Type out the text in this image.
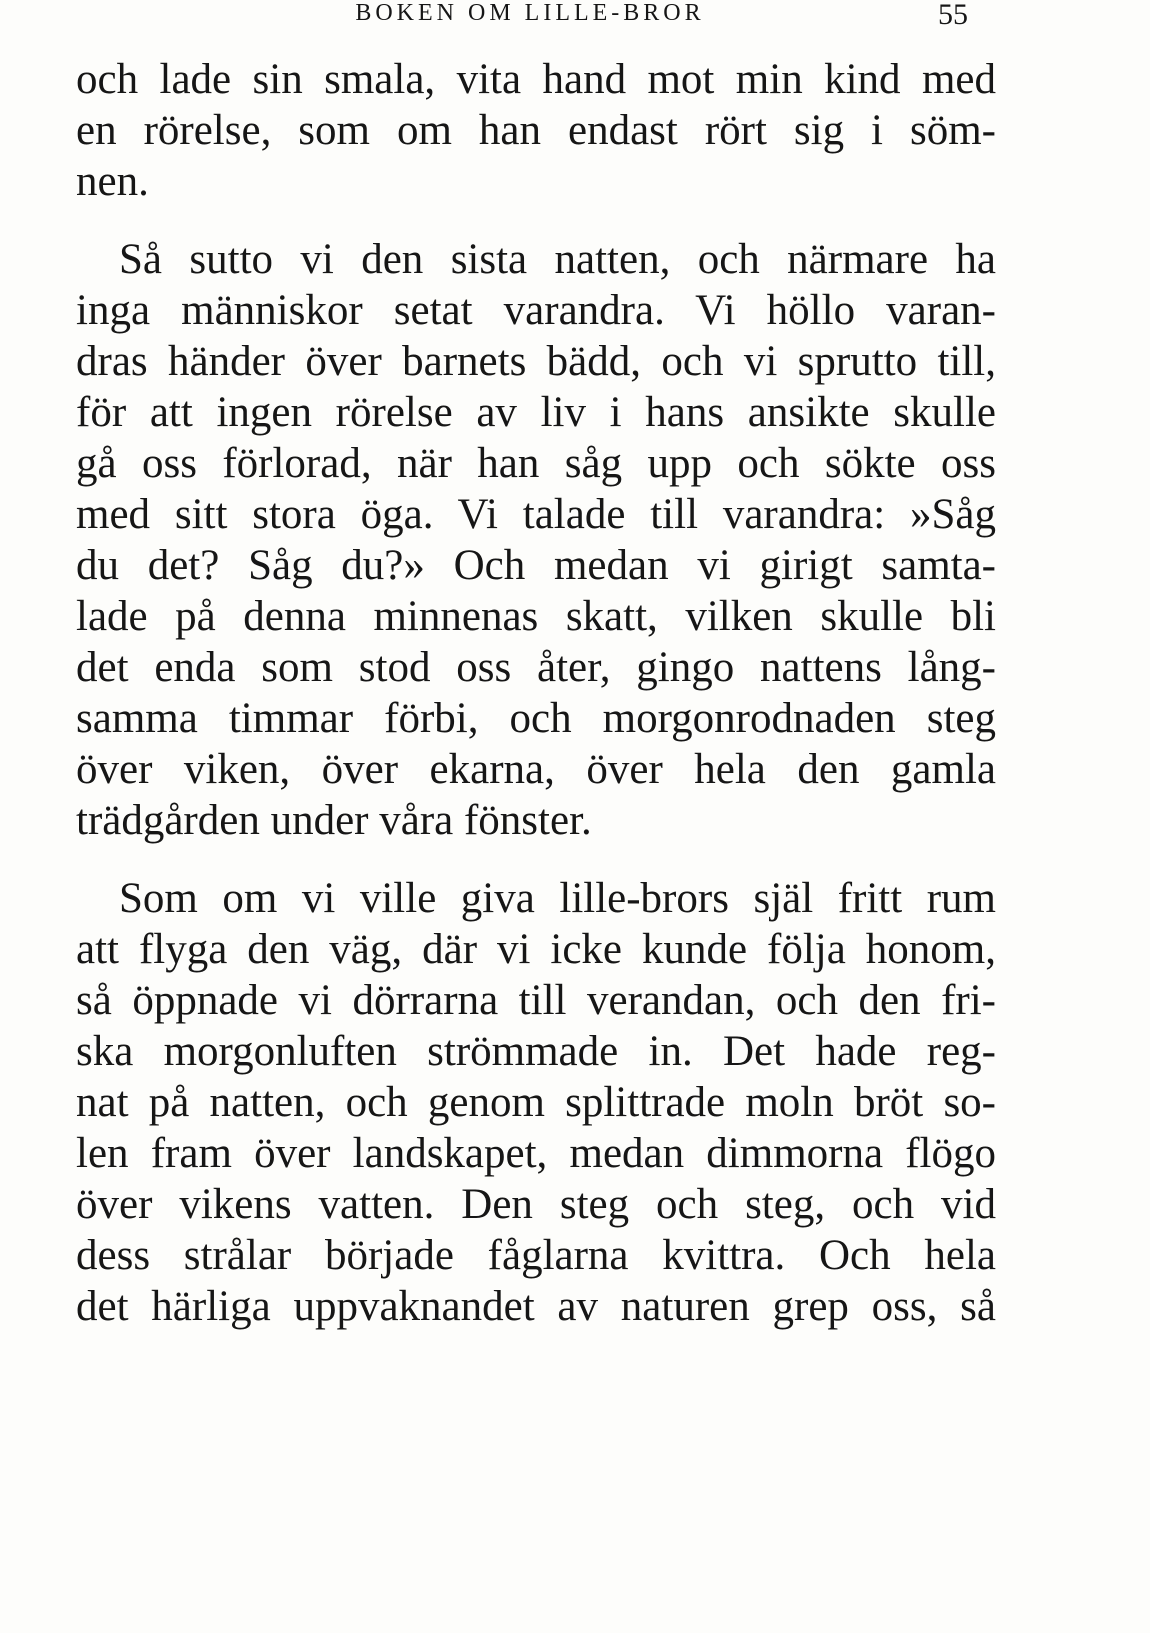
BOKEN OM LILLE-BROR	55
och lade sin smala, vita hand mot min kind med
en rörelse, som om han endast rört sig i söm-
nen.
Så sutto vi den sista natten, och närmare ha
inga människor setat varandra. Vi höllo varan-
dras händer över barnets bädd, och vi sprutto till,
för att ingen rörelse av liv i hans ansikte skulle
gå oss förlorad, när han såg upp och sökte oss
med sitt stora öga. Vi talade till varandra: »Såg
du det? Såg du?» Och medan vi girigt samta-
lade på denna minnenas skatt, vilken skulle bli
det enda som stod oss åter, gingo nattens lång-
samma timmar förbi, och morgonrodnaden steg
över viken, över ekarna, över hela den gamla
trädgården under våra fönster.
Som om vi ville giva lille-brors själ fritt rum
att flyga den väg, där vi icke kunde följa honom,
så öppnade vi dörrarna till verandan, och den fri-
ska morgonluften strömmade in. Det hade reg-
nat på natten, och genom splittrade moln bröt so-
len fram över landskapet, medan dimmorna flögo
över vikens vatten. Den steg och steg, och vid
dess strålar började fåglarna kvittra. Och hela
det härliga uppvaknandet av naturen grep oss, så
